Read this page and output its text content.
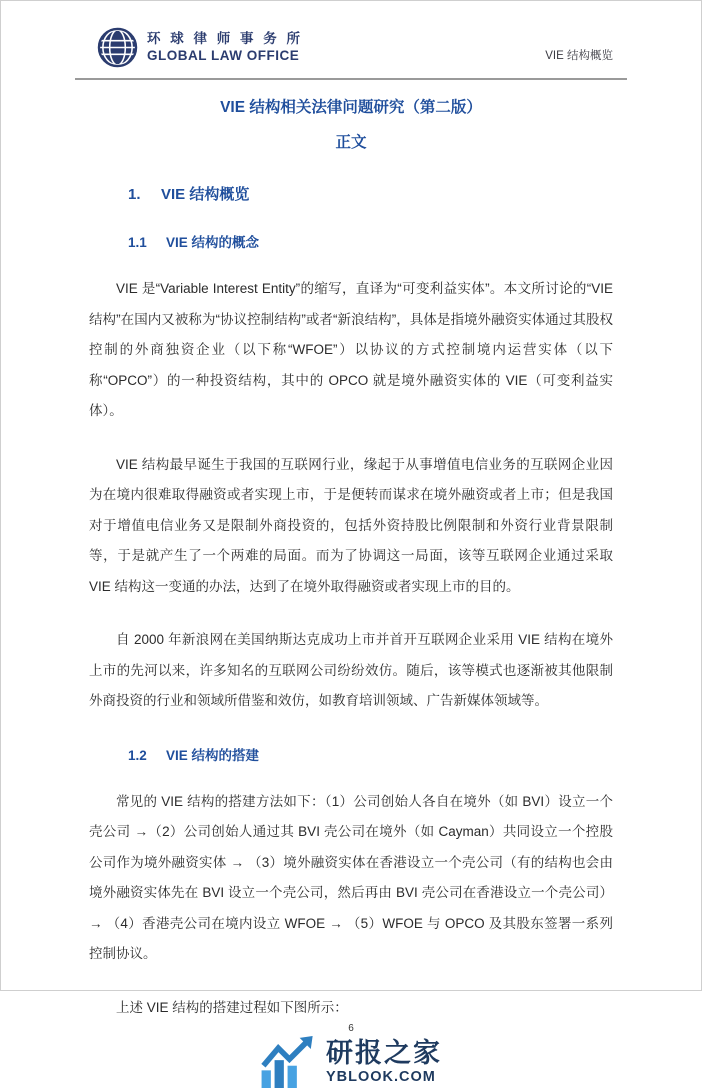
环 球 律 师 事 务 所
GLOBAL LAW OFFICE	VIE 结构概览
VIE 结构相关法律问题研究（第二版）
正文
1. VIE 结构概览
1.1 VIE 结构的概念

VIE 是“Variable Interest Entity”的缩写，直译为“可变利益实体”。本文所讨论的“VIE 结构”在国内又被称为“协议控制结构”或者“新浪结构”，具体是指境外融资实体通过其股权控制的外商独资企业（以下称“WFOE”）以协议的方式控制境内运营实体（以下称“OPCO”）的一种投资结构，其中的 OPCO 就是境外融资实体的 VIE（可变利益实体）。

VIE 结构最早诞生于我国的互联网行业，缘起于从事增值电信业务的互联网企业因为在境内很难取得融资或者实现上市，于是便转而谋求在境外融资或者上市；但是我国对于增值电信业务又是限制外商投资的，包括外资持股比例限制和外资行业背景限制等，于是就产生了一个两难的局面。而为了协调这一局面，该等互联网企业通过采取 VIE 结构这一变通的办法，达到了在境外取得融资或者实现上市的目的。

自 2000 年新浪网在美国纳斯达克成功上市并首开互联网企业采用 VIE 结构在境外上市的先河以来，许多知名的互联网公司纷纷效仿。随后，该等模式也逐渐被其他限制外商投资的行业和领域所借鉴和效仿，如教育培训领域、广告新媒体领域等。

1.2 VIE 结构的搭建

常见的 VIE 结构的搭建方法如下：（1）公司创始人各自在境外（如 BVI）设立一个壳公司 →（2）公司创始人通过其 BVI 壳公司在境外（如 Cayman）共同设立一个控股公司作为境外融资实体 → （3）境外融资实体在香港设立一个壳公司（有的结构也会由境外融资实体先在 BVI 设立一个壳公司，然后再由 BVI 壳公司在香港设立一个壳公司）→ （4）香港壳公司在境内设立 WFOE → （5）WFOE 与 OPCO 及其股东签署一系列控制协议。

上述 VIE 结构的搭建过程如下图所示：

6
研报之家
YBLOOK.COM
